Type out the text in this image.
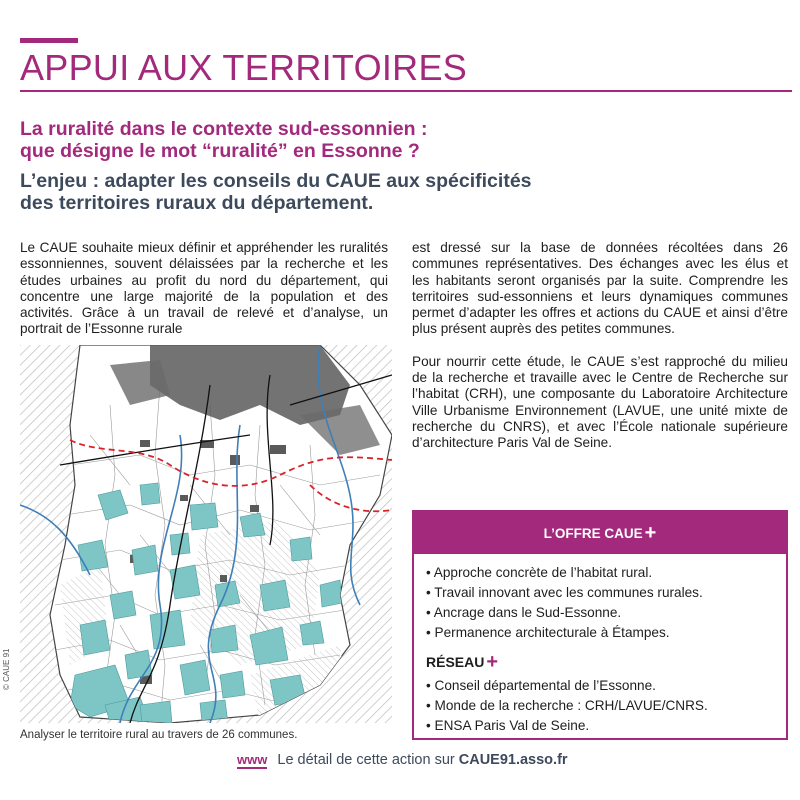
APPUI AUX TERRITOIRES
La ruralité dans le contexte sud-essonnien :
que désigne le mot “ruralité” en Essonne ?
L’enjeu : adapter les conseils du CAUE aux spécificités
des territoires ruraux du département.

Le CAUE souhaite mieux définir et appréhender les ruralités essonniennes, souvent délaissées par la recherche et les études urbaines au profit du nord du département, qui concentre une large majorité de la population et des activités. Grâce à un travail de relevé et d’analyse, un portrait de l’Essonne rurale

est dressé sur la base de données récoltées dans 26 communes représentatives. Des échanges avec les élus et les habitants seront organisés par la suite. Comprendre les territoires sud-essonniens et leurs dynamiques communes permet d’adapter les offres et actions du CAUE et ainsi d’être plus présent auprès des petites communes.

Pour nourrir cette étude, le CAUE s’est rapproché du milieu de la recherche et travaille avec le Centre de Recherche sur l’habitat (CRH), une composante du Laboratoire Architecture Ville Urbanisme Environnement (LAVUE, une unité mixte de recherche du CNRS), et avec l’École nationale supérieure d’architecture Paris Val de Seine.

© CAUE 91
Analyser le territoire rural au travers de 26 communes.
L’OFFRE CAUE +
• Approche concrète de l’habitat rural.
• Travail innovant avec les communes rurales.
• Ancrage dans le Sud-Essonne.
• Permanence architecturale à Étampes.
RÉSEAU +
• Conseil départemental de l’Essonne.
• Monde de la recherche : CRH/LAVUE/CNRS.
• ENSA Paris Val de Seine.
www Le détail de cette action sur CAUE91.asso.fr
